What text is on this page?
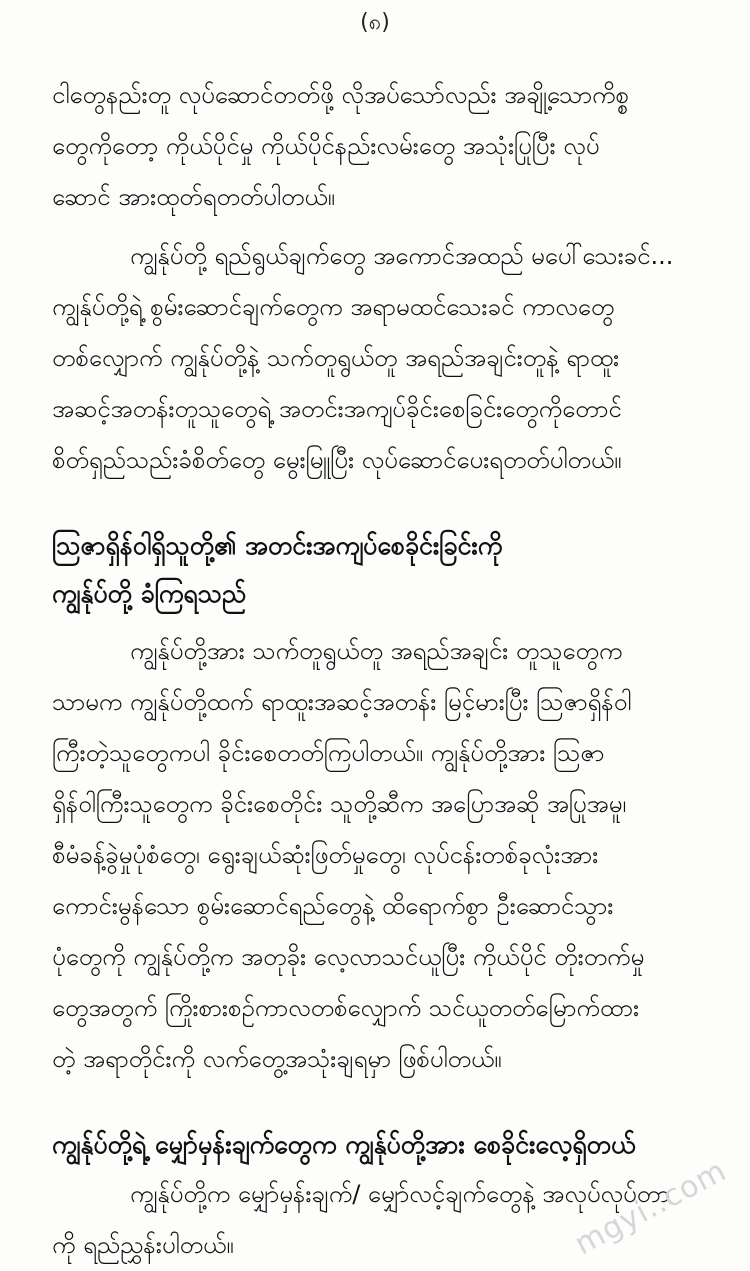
(၈)

ငါတွေနည်းတူ လုပ်ဆောင်တတ်ဖို့ လိုအပ်သော်လည်း အချို့သောကိစ္စ
တွေကိုတော့ ကိုယ်ပိုင်မှု ကိုယ်ပိုင်နည်းလမ်းတွေ အသုံးပြုပြီး လုပ်
ဆောင် အားထုတ်ရတတ်ပါတယ်။

ကျွန်ုပ်တို့ ရည်ရွယ်ချက်တွေ အကောင်အထည် မပေါ်သေးခင်...
ကျွန်ုပ်တို့ရဲ့ စွမ်းဆောင်ချက်တွေက အရာမထင်သေးခင် ကာလတွေ
တစ်လျှောက် ကျွန်ုပ်တို့နဲ့ သက်တူရွယ်တူ အရည်အချင်းတူနဲ့ ရာထူး
အဆင့်အတန်းတူသူတွေရဲ့ အတင်းအကျပ်ခိုင်းစေခြင်းတွေကိုတောင်
စိတ်ရှည်သည်းခံစိတ်တွေ မွေးမြူပြီး လုပ်ဆောင်ပေးရတတ်ပါတယ်။

သြဇာရှိန်ဝါရှိသူတို့၏ အတင်းအကျပ်စေခိုင်းခြင်းကို
ကျွန်ုပ်တို့ ခံကြရသည်

ကျွန်ုပ်တို့အား သက်တူရွယ်တူ အရည်အချင်း တူသူတွေက
သာမက ကျွန်ုပ်တို့ထက် ရာထူးအဆင့်အတန်း မြင့်မားပြီး သြဇာရှိန်ဝါ
ကြီးတဲ့သူတွေကပါ ခိုင်းစေတတ်ကြပါတယ်။ ကျွန်ုပ်တို့အား သြဇာ
ရှိန်ဝါကြီးသူတွေက ခိုင်းစေတိုင်း သူတို့ဆီက အပြောအဆို အပြုအမူ၊
စီမံခန့်ခွဲမှုပုံစံတွေ၊ ရွေးချယ်ဆုံးဖြတ်မှုတွေ၊ လုပ်ငန်းတစ်ခုလုံးအား
ကောင်းမွန်သော စွမ်းဆောင်ရည်တွေနဲ့ ထိရောက်စွာ ဦးဆောင်သွား
ပုံတွေကို ကျွန်ုပ်တို့က အတုခိုး လေ့လာသင်ယူပြီး ကိုယ်ပိုင် တိုးတက်မှု
တွေအတွက် ကြိုးစားစဉ်ကာလတစ်လျှောက် သင်ယူတတ်မြောက်ထား
တဲ့ အရာတိုင်းကို လက်တွေ့အသုံးချရမှာ ဖြစ်ပါတယ်။

ကျွန်ုပ်တို့ရဲ့ မျှော်မှန်းချက်တွေက ကျွန်ုပ်တို့အား စေခိုင်းလေ့ရှိတယ်

ကျွန်ုပ်တို့က မျှော်မှန်းချက်/ မျှော်လင့်ချက်တွေနဲ့ အလုပ်လုပ်တာ
ကို ရည်ညွှန်းပါတယ်။	mgyi..com
